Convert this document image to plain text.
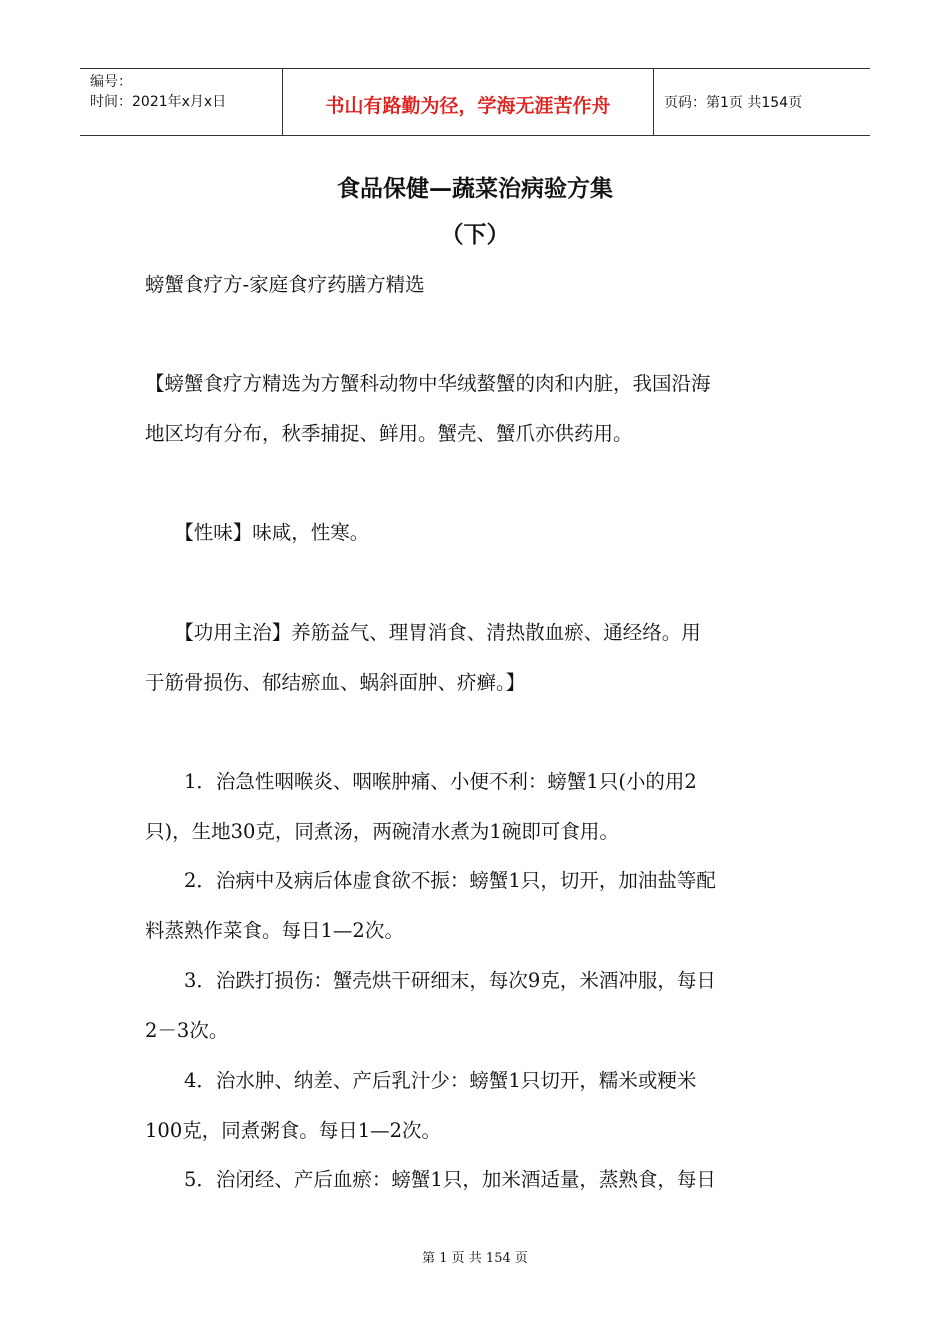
编号：
时间：2021年x月x日	书山有路勤为径，学海无涯苦作舟	页码：第1页 共154页
食品保健—蔬菜治病验方集
（下）
螃蟹食疗方-家庭食疗药膳方精选
【螃蟹食疗方精选为方蟹科动物中华绒螯蟹的肉和内脏，我国沿海
地区均有分布，秋季捕捉、鲜用。蟹壳、蟹爪亦供药用。
　　【性味】味咸，性寒。
　　【功用主治】养筋益气、理胃消食、清热散血瘀、通经络。用
于筋骨损伤、郁结瘀血、蜗斜面肿、疥癣。】
　　1．治急性咽喉炎、咽喉肿痛、小便不利：螃蟹1只(小的用2
只)，生地30克，同煮汤，两碗清水煮为1碗即可食用。
　　2．治病中及病后体虚食欲不振：螃蟹1只，切开，加油盐等配
料蒸熟作菜食。每日1—2次。
　　3．治跌打损伤：蟹壳烘干研细末，每次9克，米酒冲服，每日
2－3次。
　　4．治水肿、纳差、产后乳汁少：螃蟹1只切开，糯米或粳米
100克，同煮粥食。每日1—2次。
　　5．治闭经、产后血瘀：螃蟹1只，加米酒适量，蒸熟食，每日
第 1 页 共 154 页
